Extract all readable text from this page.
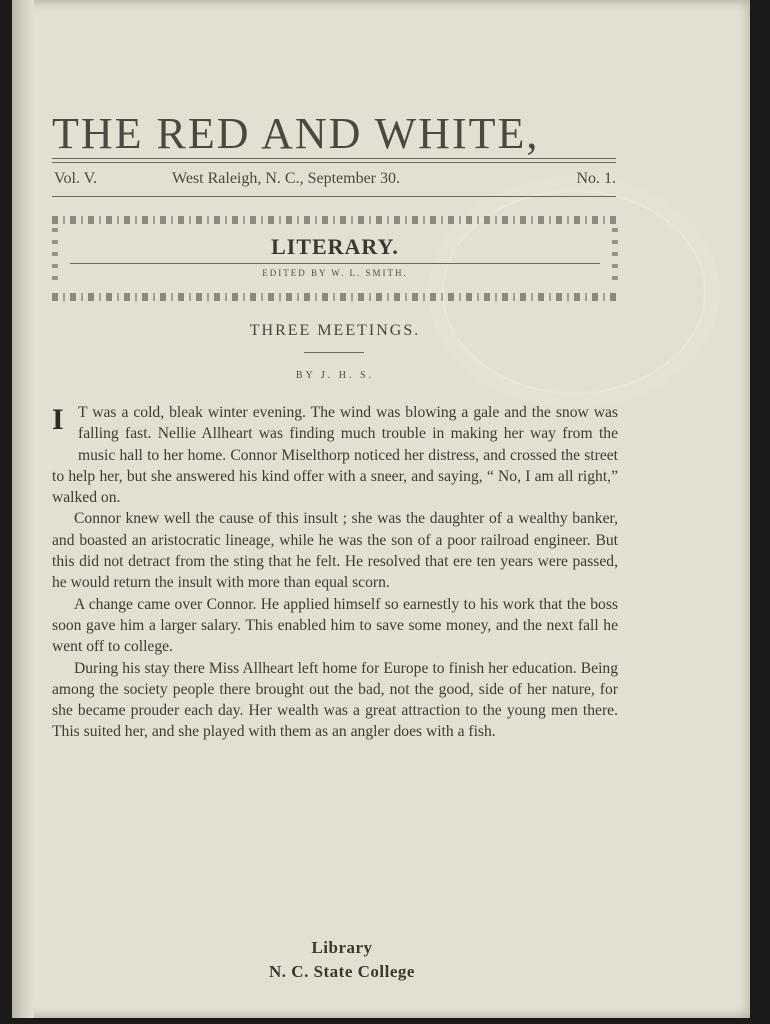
THE RED AND WHITE,
Vol. V.	West Raleigh, N. C., September 30.	No. 1.
LITERARY.
EDITED BY W. L. SMITH.
THREE MEETINGS.
BY J. H. S.

I T was a cold, bleak winter evening. The wind was blowing a gale and the snow was falling fast. Nellie Allheart was finding much trouble in making her way from the music hall to her home. Connor Miselthorp noticed her distress, and crossed the street to help her, but she answered his kind offer with a sneer, and saying, “ No, I am all right,” walked on.

Connor knew well the cause of this insult ; she was the daughter of a wealthy banker, and boasted an aristocratic lineage, while he was the son of a poor railroad engineer. But this did not detract from the sting that he felt. He resolved that ere ten years were passed, he would return the insult with more than equal scorn.

A change came over Connor. He applied himself so earnestly to his work that the boss soon gave him a larger salary. This enabled him to save some money, and the next fall he went off to college.

During his stay there Miss Allheart left home for Europe to finish her education. Being among the society people there brought out the bad, not the good, side of her nature, for she became prouder each day. Her wealth was a great attraction to the young men there. This suited her, and she played with them as an angler does with a fish.

Library
N. C. State College
